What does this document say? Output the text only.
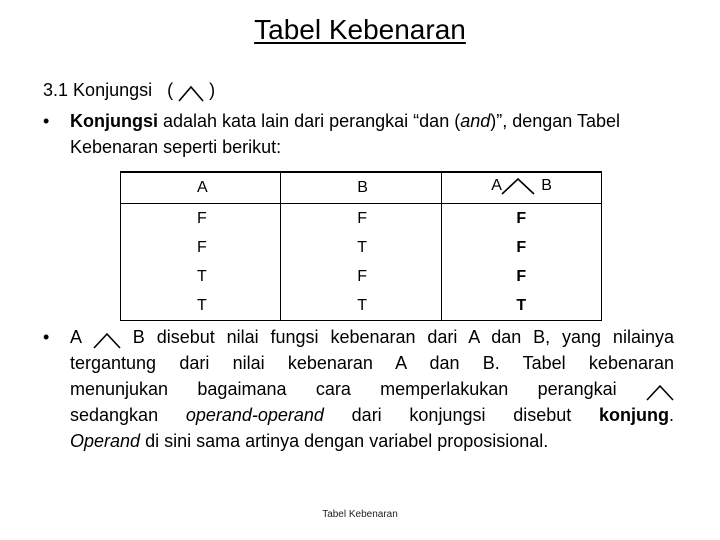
Tabel Kebenaran
3.1 Konjungsi ( )
• Konjungsi adalah kata lain dari perangkai “dan (and)”, dengan Tabel Kebenaran seperti berikut:
A	B	A B

F	F	F
F	T	F
T	F	F
T	T	T
• A	B disebut nilai fungsi kebenaran dari A dan B, yang nilainya
tergantung dari nilai kebenaran A dan B. Tabel kebenaran
menunjukan bagaimana cara memperlakukan perangkai
sedangkan operand-operand dari konjungsi disebut konjung.
Operand di sini sama artinya dengan variabel proposisional.
Tabel Kebenaran
